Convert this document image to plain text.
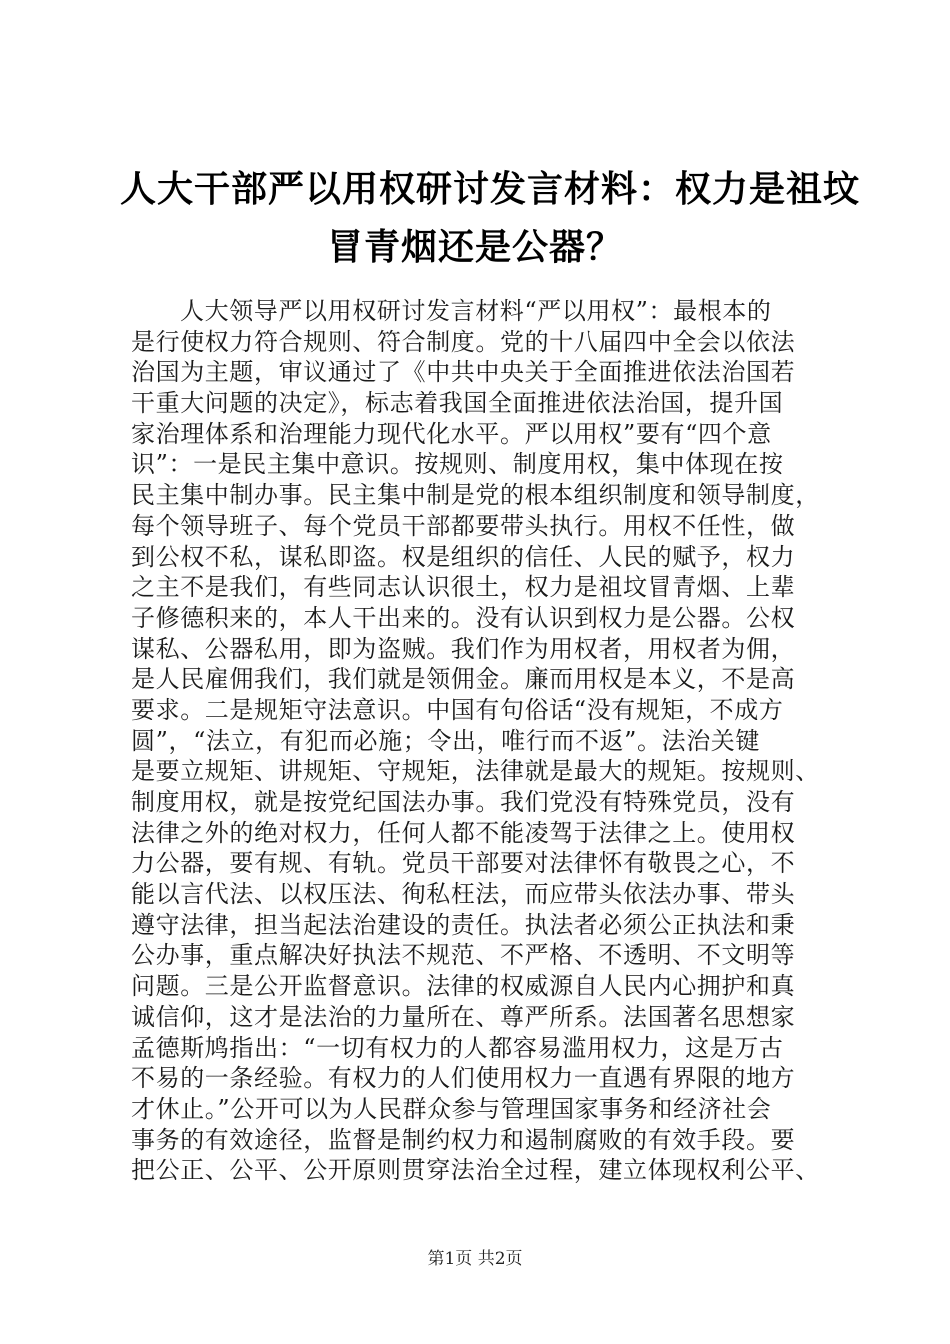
人大干部严以用权研讨发言材料：权力是祖坟
冒青烟还是公器？
人大领导严以用权研讨发言材料“严以用权”：最根本的
是行使权力符合规则、符合制度。党的十八届四中全会以依法
治国为主题，审议通过了《中共中央关于全面推进依法治国若
干重大问题的决定》，标志着我国全面推进依法治国，提升国
家治理体系和治理能力现代化水平。严以用权”要有“四个意
识”：一是民主集中意识。按规则、制度用权，集中体现在按
民主集中制办事。民主集中制是党的根本组织制度和领导制度，
每个领导班子、每个党员干部都要带头执行。用权不任性，做
到公权不私，谋私即盗。权是组织的信任、人民的赋予，权力
之主不是我们，有些同志认识很土，权力是祖坟冒青烟、上辈
子修德积来的，本人干出来的。没有认识到权力是公器。公权
谋私、公器私用，即为盗贼。我们作为用权者，用权者为佣，
是人民雇佣我们，我们就是领佣金。廉而用权是本义，不是高
要求。二是规矩守法意识。中国有句俗话“没有规矩，不成方
圆”，“法立，有犯而必施；令出，唯行而不返”。法治关键
是要立规矩、讲规矩、守规矩，法律就是最大的规矩。按规则、
制度用权，就是按党纪国法办事。我们党没有特殊党员，没有
法律之外的绝对权力，任何人都不能凌驾于法律之上。使用权
力公器，要有规、有轨。党员干部要对法律怀有敬畏之心，不
能以言代法、以权压法、徇私枉法，而应带头依法办事、带头
遵守法律，担当起法治建设的责任。执法者必须公正执法和秉
公办事，重点解决好执法不规范、不严格、不透明、不文明等
问题。三是公开监督意识。法律的权威源自人民内心拥护和真
诚信仰，这才是法治的力量所在、尊严所系。法国著名思想家
孟德斯鸠指出：“一切有权力的人都容易滥用权力，这是万古
不易的一条经验。有权力的人们使用权力一直遇有界限的地方
才休止。”公开可以为人民群众参与管理国家事务和经济社会
事务的有效途径，监督是制约权力和遏制腐败的有效手段。要
把公正、公平、公开原则贯穿法治全过程，建立体现权利公平、
第1页 共2页
